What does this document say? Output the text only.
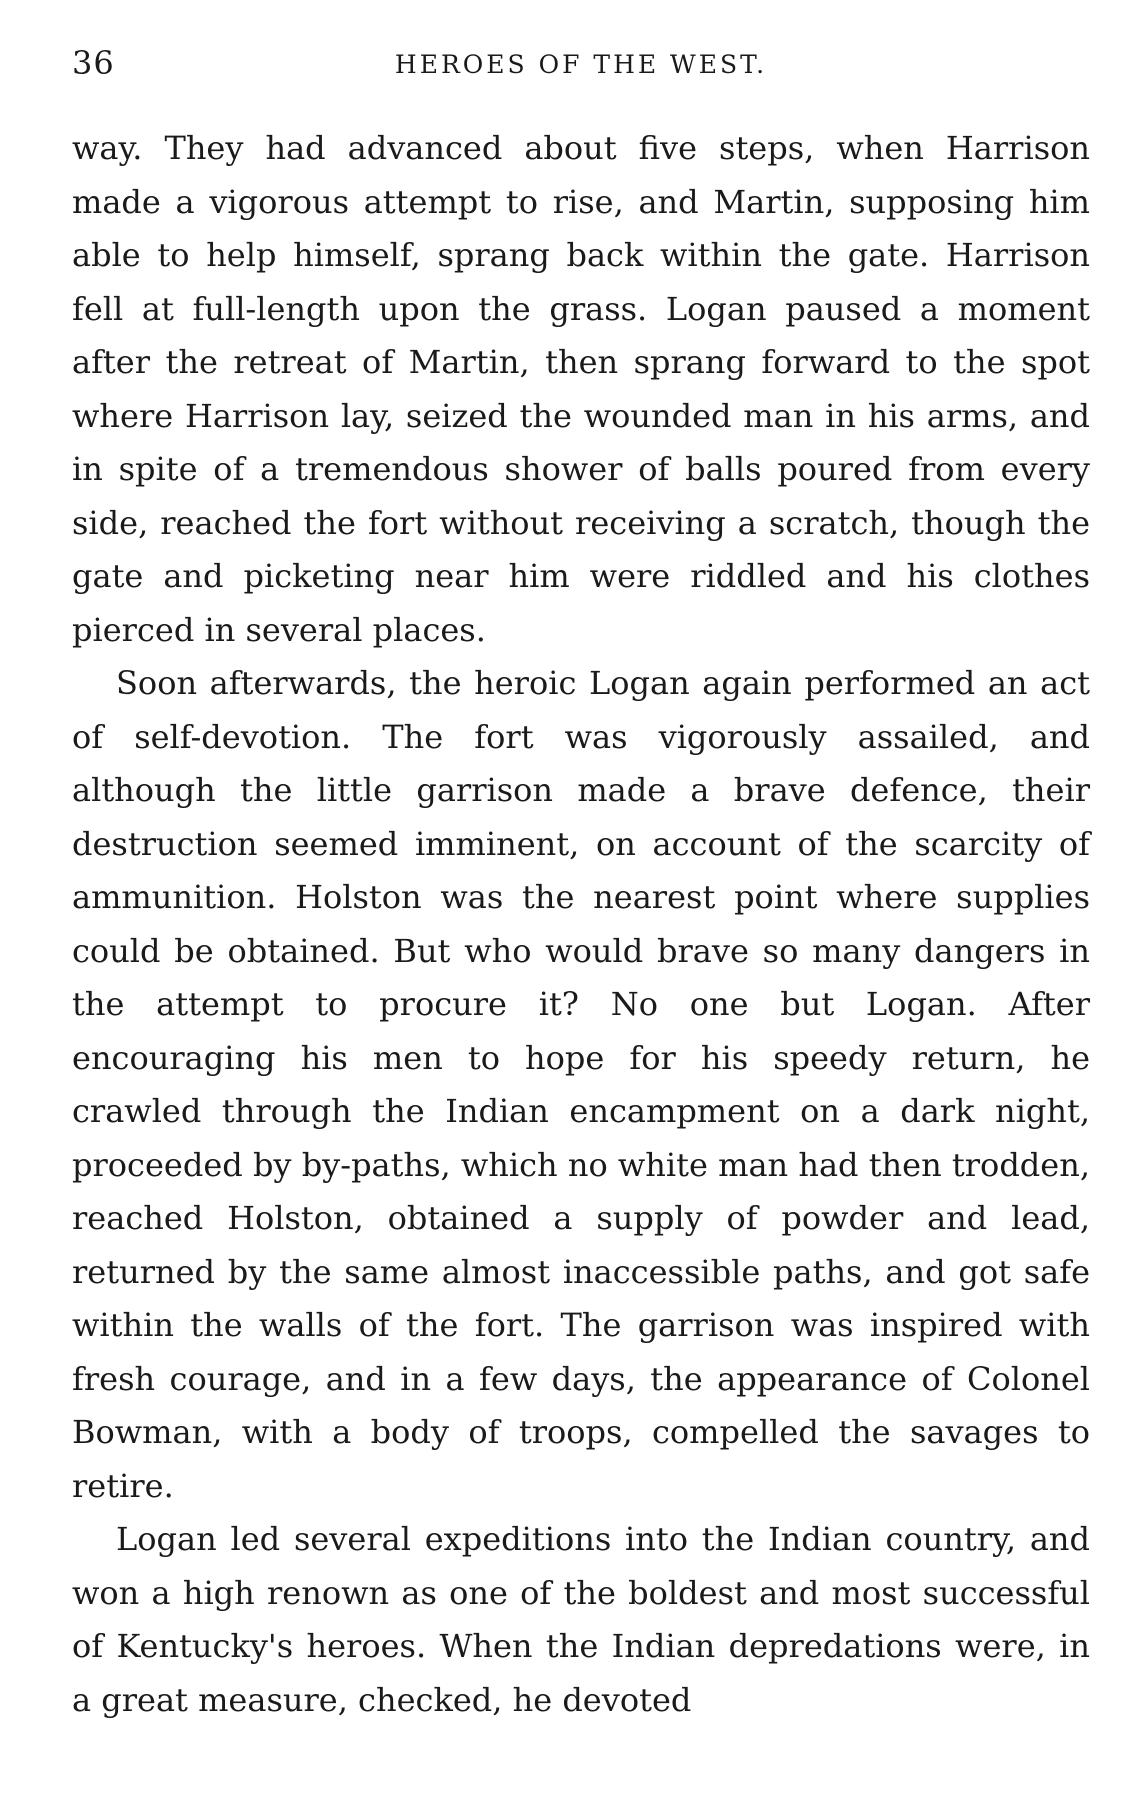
36	HEROES OF THE WEST.

way. They had advanced about five steps, when Harrison made a vigorous attempt to rise, and Martin, supposing him able to help himself, sprang back within the gate. Harrison fell at full-length upon the grass. Logan paused a moment after the retreat of Martin, then sprang forward to the spot where Harrison lay, seized the wounded man in his arms, and in spite of a tremendous shower of balls poured from every side, reached the fort without receiving a scratch, though the gate and picketing near him were riddled and his clothes pierced in several places.

Soon afterwards, the heroic Logan again performed an act of self-devotion. The fort was vigorously assailed, and although the little garrison made a brave defence, their destruction seemed imminent, on account of the scarcity of ammunition. Holston was the nearest point where supplies could be obtained. But who would brave so many dangers in the attempt to procure it? No one but Logan. After encouraging his men to hope for his speedy return, he crawled through the Indian encampment on a dark night, proceeded by by-paths, which no white man had then trodden, reached Holston, obtained a supply of powder and lead, returned by the same almost inaccessible paths, and got safe within the walls of the fort. The garrison was inspired with fresh courage, and in a few days, the appearance of Colonel Bowman, with a body of troops, compelled the savages to retire.

Logan led several expeditions into the Indian country, and won a high renown as one of the boldest and most successful of Kentucky's heroes. When the Indian depredations were, in a great measure, checked, he devoted
